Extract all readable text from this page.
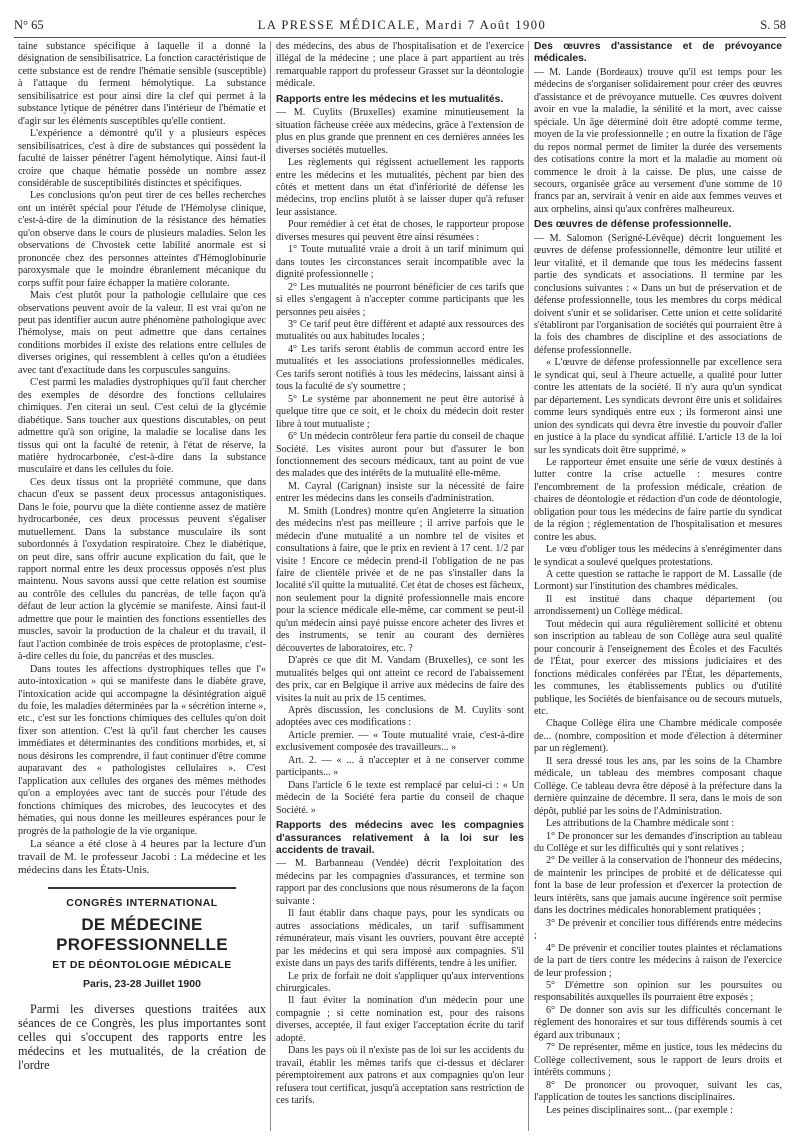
N° 65	LA PRESSE MÉDICALE, Mardi 7 Août 1900	S. 58

taine substance spécifique à laquelle il a donné la désignation de sensibilisatrice. La fonction caractéristique de cette substance est de rendre l'hématie sensible (susceptible) à l'attaque du ferment hémolytique. La substance sensibilisatrice est pour ainsi dire la clef qui permet à la substance lytique de pénétrer dans l'intérieur de l'hématie et d'agir sur les éléments susceptibles qu'elle contient.

L'expérience a démontré qu'il y a plusieurs espèces sensibilisatrices, c'est à dire de substances qui possèdent la faculté de laisser pénétrer l'agent hémolytique. Ainsi faut-il croire que chaque hématie possède un nombre assez considérable de susceptibilités distinctes et spécifiques.

Les conclusions qu'on peut tirer de ces belles recherches ont un intérêt spécial pour l'étude de l'Hémolyse clinique, c'est-à-dire de la diminution de la résistance des hématies qu'on observe dans le cours de plusieurs maladies. Selon les observations de Chvostek cette labilité anormale est si prononcée chez des personnes atteintes d'Hémoglobinurie paroxysmale que le moindre ébranlement mécanique du corps suffit pour faire échapper la matière colorante.

Mais c'est plutôt pour la pathologie cellulaire que ces observations peuvent avoir de la valeur. Il est vrai qu'on ne peut pas identifier aucun autre phénomène pathologique avec l'hémolyse, mais on peut admettre que dans certaines conditions morbides il existe des relations entre cellules de diverses origines, qui ressemblent à celles qu'on a étudiées avec tant d'exactitude dans les corpuscules sanguins.

C'est parmi les maladies dystrophiques qu'il faut chercher des exemples de désordre des fonctions cellulaires chimiques. J'en citerai un seul. C'est celui de la glycémie diabétique. Sans toucher aux questions discutables, on peut admettre qu'à son origine, la maladie se localise dans les tissus qui ont la faculté de retenir, à l'état de réserve, la matière hydrocarbonée, c'est-à-dire dans la substance musculaire et dans les cellules du foie.

Ces deux tissus ont la propriété commune, que dans chacun d'eux se passent deux processus antagonistiques. Dans le foie, pourvu que la diète contienne assez de matière hydrocarbonée, ces deux processus peuvent s'égaliser mutuellement. Dans la substance musculaire ils sont subordonnés à l'oxydation respiratoire. Chez le diabétique, on peut dire, sans offrir aucune explication du fait, que le rapport normal entre les deux processus opposés n'est plus maintenu. Nous savons aussi que cette relation est soumise au contrôle des cellules du pancréas, de telle façon qu'à défaut de leur action la glycémie se manifeste. Ainsi faut-il admettre que pour le maintien des fonctions essentielles des muscles, savoir la production de la chaleur et du travail, il faut l'action combinée de trois espèces de protoplasme, c'est-à-dire celles du foie, du pancréas et des muscles.

Dans toutes les affections dystrophiques telles que l'« auto-intoxication » qui se manifeste dans le diabète grave, l'intoxication acide qui accompagne la désintégration aiguë du foie, les maladies déterminées par la « sécrétion interne », etc., c'est sur les fonctions chimiques des cellules qu'on doit fixer son attention. C'est là qu'il faut chercher les causes immédiates et déterminantes des conditions morbides, et, si nous désirons les comprendre, il faut continuer d'être comme auparavant des « pathologistes cellulaires ». C'est l'application aux cellules des organes des mêmes méthodes qu'on a employées avec tant de succès pour l'étude des fonctions chimiques des microbes, des leucocytes et des hématies, qui nous donne les meilleures espérances pour le progrès de la pathologie de la vie organique.

La séance a été close à 4 heures par la lecture d'un travail de M. le professeur Jacobi : La médecine et les médecins dans les États-Unis.

CONGRÈS INTERNATIONAL
DE MÉDECINE PROFESSIONNELLE
ET DE DÉONTOLOGIE MÉDICALE
Paris, 23-28 Juillet 1900

Parmi les diverses questions traitées aux séances de ce Congrès, les plus importantes sont celles qui s'occupent des rapports entre les médecins et les mutualités, de la création de l'ordre

des médecins, des abus de l'hospitalisation et de l'exercice illégal de la médecine ; une place à part appartient au très remarquable rapport du professeur Grasset sur la déontologie médicale.

Rapports entre les médecins et les mutualités.

— M. Cuylits (Bruxelles) examine minutieusement la situation fâcheuse créée aux médecins, grâce à l'extension de plus en plus grande que prennent en ces dernières années les diverses sociétés mutuelles.

Les règlements qui régissent actuellement les rapports entre les médecins et les mutualités, pèchent par bien des côtés et mettent dans un état d'infériorité de défense les médecins, trop enclins plutôt à se laisser duper qu'à refuser leur assistance.

Pour remédier à cet état de choses, le rapporteur propose diverses mesures qui peuvent être ainsi résumées :

1° Toute mutualité vraie a droit à un tarif minimum qui dans toutes les circonstances serait incompatible avec la dignité professionnelle ;

2° Les mutualités ne pourront bénéficier de ces tarifs que si elles s'engagent à n'accepter comme participants que les personnes peu aisées ;

3° Ce tarif peut être différent et adapté aux ressources des mutualités ou aux habitudes locales ;

4° Les tarifs seront établis de commun accord entre les mutualités et les associations professionnelles médicales. Ces tarifs seront notifiés à tous les médecins, laissant ainsi à tous la faculté de s'y soumettre ;

5° Le système par abonnement ne peut être autorisé à quelque titre que ce soit, et le choix du médecin doit rester libre à tout mutualiste ;

6° Un médecin contrôleur fera partie du conseil de chaque Société. Les visites auront pour but d'assurer le bon fonctionnement des secours médicaux, tant au point de vue des malades que des intérêts de la mutualité elle-même.

M. Cayral (Carignan) insiste sur la nécessité de faire entrer les médecins dans les conseils d'administration.

M. Smith (Londres) montre qu'en Angleterre la situation des médecins n'est pas meilleure ; il arrive parfois que le médecin d'une mutualité a un nombre tel de visites et consultations à faire, que le prix en revient à 17 cent. 1/2 par visite ! Encore ce médecin prend-il l'obligation de ne pas faire de clientèle privée et de ne pas s'installer dans la localité s'il quitte la mutualité. Cet état de choses est fâcheux, non seulement pour la dignité professionnelle mais encore pour la science médicale elle-même, car comment se peut-il qu'un médecin ainsi payé puisse encore acheter des livres et des instruments, se tenir au courant des dernières découvertes de laboratoires, etc. ?

D'après ce que dit M. Vandam (Bruxelles), ce sont les mutualités belges qui ont atteint ce record de l'abaissement des prix, car en Belgique il arrive aux médecins de faire des visites la nuit au prix de 15 centimes.

Après discussion, les conclusions de M. Cuylits sont adoptées avec ces modifications :

Article premier. — « Toute mutualité vraie, c'est-à-dire exclusivement composée des travailleurs... »

Art. 2. — « ... à n'accepter et à ne conserver comme participants... »

Dans l'article 6 le texte est remplacé par celui-ci : « Un médecin de la Société fera partie du conseil de chaque Société. »

Rapports des médecins avec les compagnies d'assurances relativement à la loi sur les accidents de travail.

— M. Barbanneau (Vendée) décrit l'exploitation des médecins par les compagnies d'assurances, et termine son rapport par des conclusions que nous résumerons de la façon suivante :

Il faut établir dans chaque pays, pour les syndicats ou autres associations médicales, un tarif suffisamment rémunérateur, mais visant les ouvriers, pouvant être accepté par les médecins et qui sera imposé aux compagnies. S'il existe dans un pays des tarifs différents, tendre à les unifier.

Le prix de forfait ne doit s'appliquer qu'aux interventions chirurgicales.

Il faut éviter la nomination d'un médecin pour une compagnie ; si cette nomination est, pour des raisons diverses, acceptée, il faut exiger l'acceptation écrite du tarif adopté.

Dans les pays où il n'existe pas de loi sur les accidents du travail, établir les mêmes tarifs que ci-dessus et déclarer péremptoirement aux patrons et aux compagnies qu'on leur refusera tout certificat, jusqu'à acceptation sans restriction de ces tarifs.

Des œuvres d'assistance et de prévoyance médicales.

— M. Lande (Bordeaux) trouve qu'il est temps pour les médecins de s'organiser solidairement pour créer des œuvres d'assistance et de prévoyance mutuelle. Ces œuvres doivent avoir en vue la maladie, la sénilité et la mort, avec caisse spéciale. Un âge déterminé doit être adopté comme terme, moyen de la vie professionnelle ; en outre la fixation de l'âge du repos normal permet de limiter la durée des versements des cotisations contre la mort et la maladie au moment où commence le droit à la caisse. De plus, une caisse de secours, organisée grâce au versement d'une somme de 10 francs par an, servirait à venir en aide aux femmes veuves et aux orphelins, ainsi qu'aux confrères malheureux.

Des œuvres de défense professionnelle.

— M. Salomon (Serigné-Lévêque) décrit longuement les œuvres de défense professionnelle, démontre leur utilité et leur vitalité, et il demande que tous les médecins fassent partie des syndicats et associations. Il termine par les conclusions suivantes : « Dans un but de préservation et de défense professionnelle, tous les membres du corps médical doivent s'unir et se solidariser. Cette union et cette solidarité s'établiront par l'organisation de sociétés qui pourraient être à la fois des chambres de discipline et des associations de défense professionnelle.

« L'œuvre de défense professionnelle par excellence sera le syndicat qui, seul à l'heure actuelle, a qualité pour lutter contre les attentats de la société. Il n'y aura qu'un syndicat par département. Les syndicats devront être unis et solidaires comme leurs syndiqués entre eux ; ils formeront ainsi une union des syndicats qui devra être investie du pouvoir d'aller en justice à la place du syndicat affilié. L'article 13 de la loi sur les syndicats doit être supprimé. »

Le rapporteur émet ensuite une série de vœux destinés à lutter contre la crise actuelle : mesures contre l'encombrement de la profession médicale, création de chaires de déontologie et rédaction d'un code de déontologie, obligation pour tous les médecins de faire partie du syndicat de la région ; réglementation de l'hospitalisation et mesures contre les abus.

Le vœu d'obliger tous les médecins à s'enrégimenter dans le syndicat a soulevé quelques protestations.

A cette question se rattache le rapport de M. Lassalle (de Lormont) sur l'institution des chambres médicales.

Il est institué dans chaque département (ou arrondissement) un Collège médical.

Tout médecin qui aura régulièrement sollicité et obtenu son inscription au tableau de son Collège aura seul qualité pour concourir à l'enseignement des Écoles et des Facultés de l'État, pour exercer des missions judiciaires et des fonctions médicales conférées par l'État, les départements, les communes, les établissements publics ou d'utilité publique, les Sociétés de bienfaisance ou de secours mutuels, etc.

Chaque Collège élira une Chambre médicale composée de... (nombre, composition et mode d'élection à déterminer par un règlement).

Il sera dressé tous les ans, par les soins de la Chambre médicale, un tableau des membres composant chaque Collège. Ce tableau devra être déposé à la préfecture dans la dernière quinzaine de décembre. Il sera, dans le mois de son dépôt, publié par les soins de l'Administration.

Les attributions de la Chambre médicale sont :

1° De prononcer sur les demandes d'inscription au tableau du Collège et sur les difficultés qui y sont relatives ;

2° De veiller à la conservation de l'honneur des médecins, de maintenir les principes de probité et de délicatesse qui font la base de leur profession et d'exercer la protection de leurs intérêts, sans que jamais aucune ingérence soit permise dans les doctrines médicales honorablement pratiquées ;

3° De prévenir et concilier tous différends entre médecins ;

4° De prévenir et concilier toutes plaintes et réclamations de la part de tiers contre les médecins à raison de l'exercice de leur profession ;

5° D'émettre son opinion sur les poursuites ou responsabilités auxquelles ils pourraient être exposés ;

6° De donner son avis sur les difficultés concernant le règlement des honoraires et sur tous différends soumis à cet égard aux tribunaux ;

7° De représenter, même en justice, tous les médecins du Collège collectivement, sous le rapport de leurs droits et intérêts communs ;

8° De prononcer ou provoquer, suivant les cas, l'application de toutes les sanctions disciplinaires.

Les peines disciplinaires sont... (par exemple :
